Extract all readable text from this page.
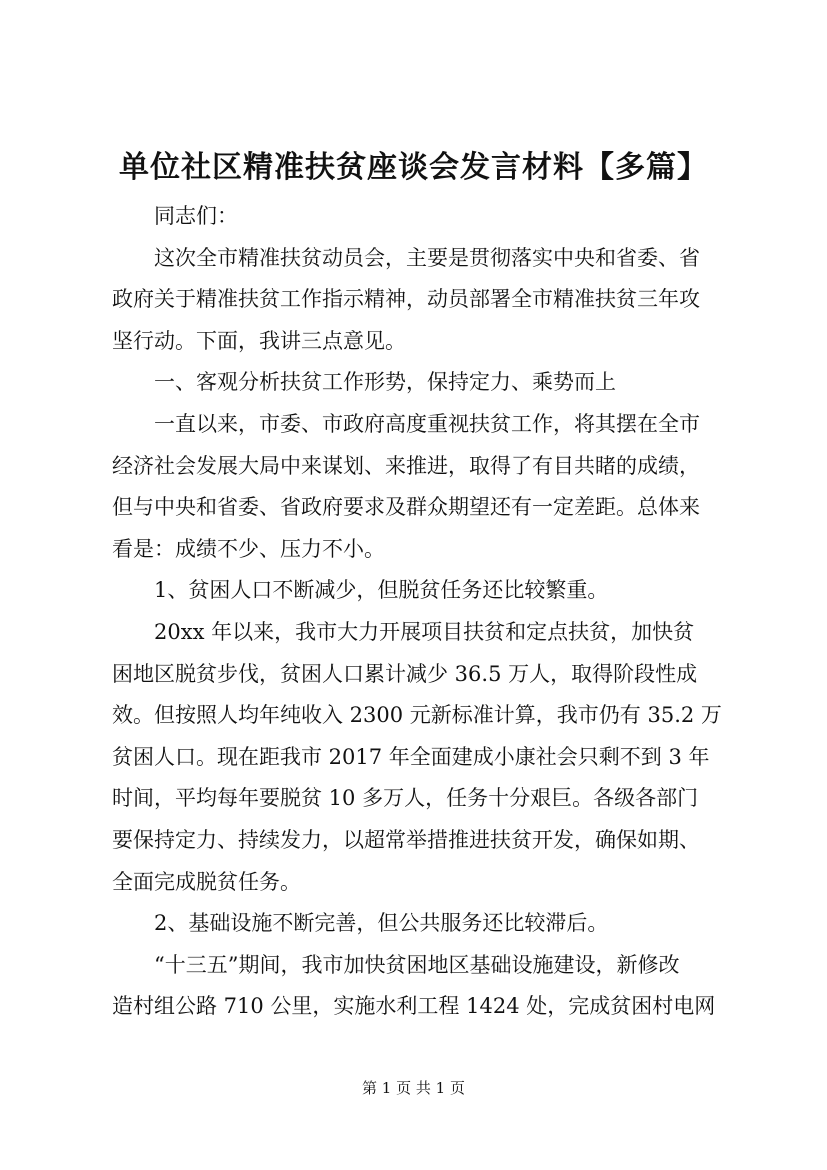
单位社区精准扶贫座谈会发言材料【多篇】
同志们：
这次全市精准扶贫动员会，主要是贯彻落实中央和省委、省
政府关于精准扶贫工作指示精神，动员部署全市精准扶贫三年攻
坚行动。下面，我讲三点意见。
一、客观分析扶贫工作形势，保持定力、乘势而上
一直以来，市委、市政府高度重视扶贫工作，将其摆在全市
经济社会发展大局中来谋划、来推进，取得了有目共睹的成绩，
但与中央和省委、省政府要求及群众期望还有一定差距。总体来
看是：成绩不少、压力不小。
1、贫困人口不断减少，但脱贫任务还比较繁重。
20xx 年以来，我市大力开展项目扶贫和定点扶贫，加快贫
困地区脱贫步伐，贫困人口累计减少 36.5 万人，取得阶段性成
效。但按照人均年纯收入 2300 元新标准计算，我市仍有 35.2 万
贫困人口。现在距我市 2017 年全面建成小康社会只剩不到 3 年
时间，平均每年要脱贫 10 多万人，任务十分艰巨。各级各部门
要保持定力、持续发力，以超常举措推进扶贫开发，确保如期、
全面完成脱贫任务。
2、基础设施不断完善，但公共服务还比较滞后。
“十三五”期间，我市加快贫困地区基础设施建设，新修改
造村组公路 710 公里，实施水利工程 1424 处，完成贫困村电网
第 1 页 共 1 页
